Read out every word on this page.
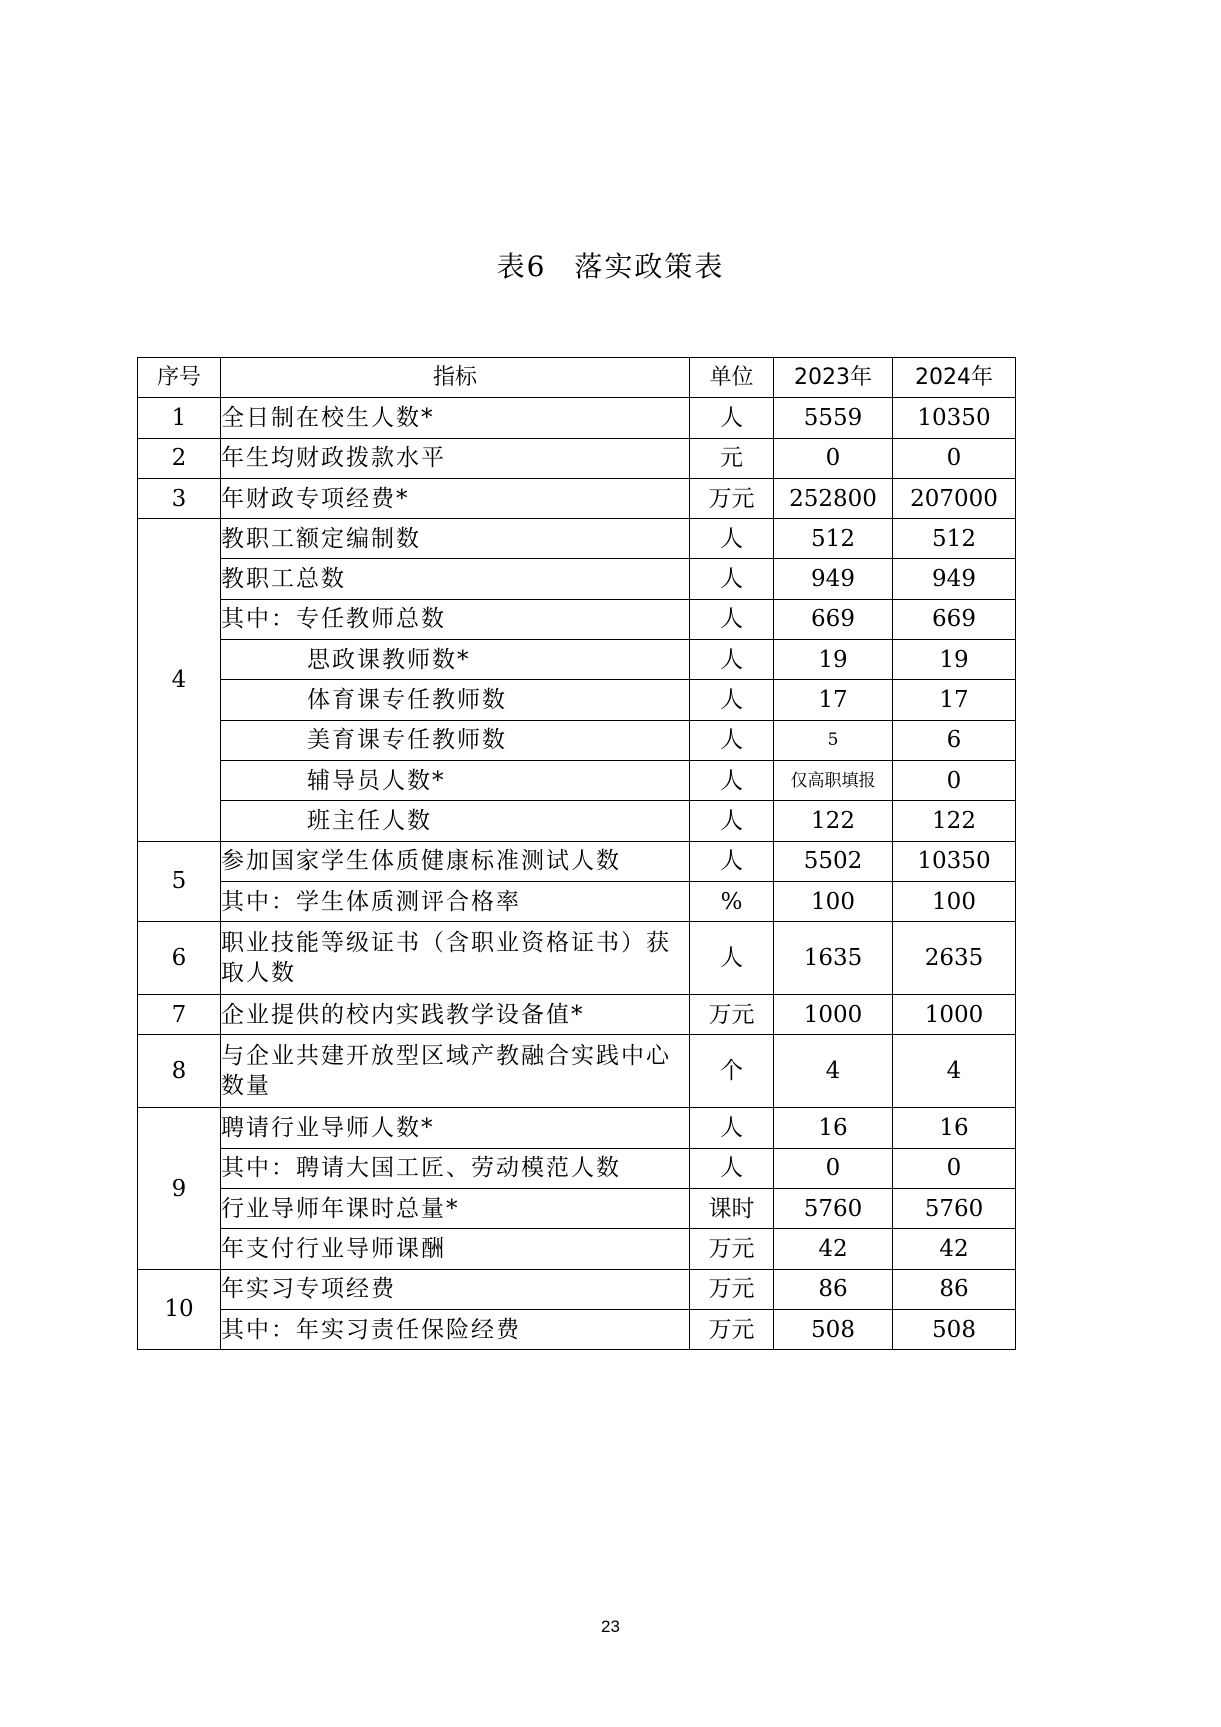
表6 落实政策表
序号	指标	单位	2023年	2024年
1	全日制在校生人数*	人	5559	10350
2	年生均财政拨款水平	元	0	0
3	年财政专项经费*	万元	252800	207000
4	教职工额定编制数	人	512	512
	教职工总数	人	949	949
	其中：专任教师总数	人	669	669
	思政课教师数*	人	19	19
	体育课专任教师数	人	17	17
	美育课专任教师数	人	5	6
	辅导员人数*	人	仅高职填报	0
	班主任人数	人	122	122
5	参加国家学生体质健康标准测试人数	人	5502	10350
	其中：学生体质测评合格率	%	100	100
6	职业技能等级证书（含职业资格证书）获取人数	人	1635	2635
7	企业提供的校内实践教学设备值*	万元	1000	1000
8	与企业共建开放型区域产教融合实践中心数量	个	4	4
9	聘请行业导师人数*	人	16	16
	其中：聘请大国工匠、劳动模范人数	人	0	0
	行业导师年课时总量*	课时	5760	5760
	年支付行业导师课酬	万元	42	42
10	年实习专项经费	万元	86	86
	其中：年实习责任保险经费	万元	508	508
23
